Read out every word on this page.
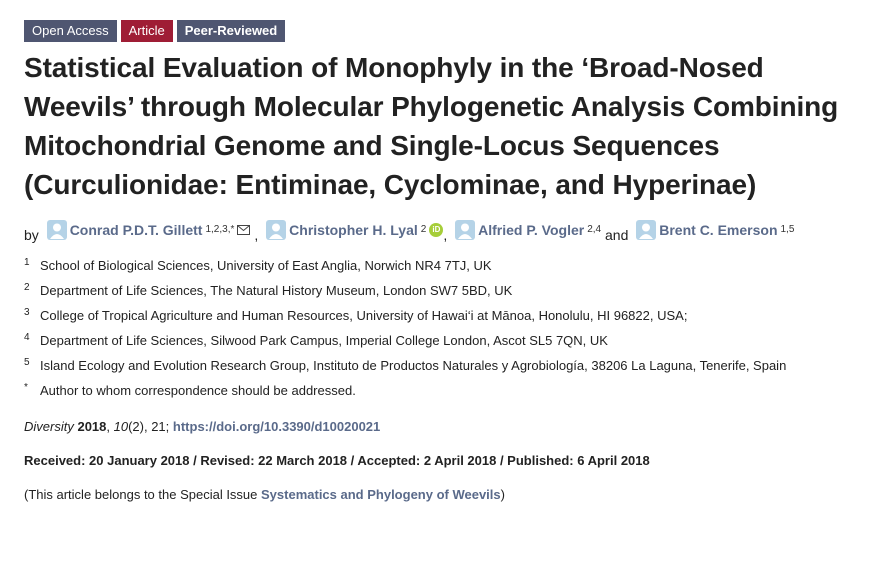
Open Access	Article	Peer-Reviewed
Statistical Evaluation of Monophyly in the ‘Broad-Nosed Weevils’ through Molecular Phylogenetic Analysis Combining Mitochondrial Genome and Single-Locus Sequences (Curculionidae: Entiminae, Cyclominae, and Hyperinae)
by Conrad P.D.T. Gillett 1,2,3,* , Christopher H. Lyal 2 iD , Alfried P. Vogler 2,4 and Brent C. Emerson 1,5
1 School of Biological Sciences, University of East Anglia, Norwich NR4 7TJ, UK
2 Department of Life Sciences, The Natural History Museum, London SW7 5BD, UK
3 College of Tropical Agriculture and Human Resources, University of Hawai‘i at Mānoa, Honolulu, HI 96822, USA;
4 Department of Life Sciences, Silwood Park Campus, Imperial College London, Ascot SL5 7QN, UK
5 Island Ecology and Evolution Research Group, Instituto de Productos Naturales y Agrobiología, 38206 La Laguna, Tenerife, Spain
* Author to whom correspondence should be addressed.
Diversity 2018, 10(2), 21; https://doi.org/10.3390/d10020021
Received: 20 January 2018 / Revised: 22 March 2018 / Accepted: 2 April 2018 / Published: 6 April 2018
(This article belongs to the Special Issue Systematics and Phylogeny of Weevils)
